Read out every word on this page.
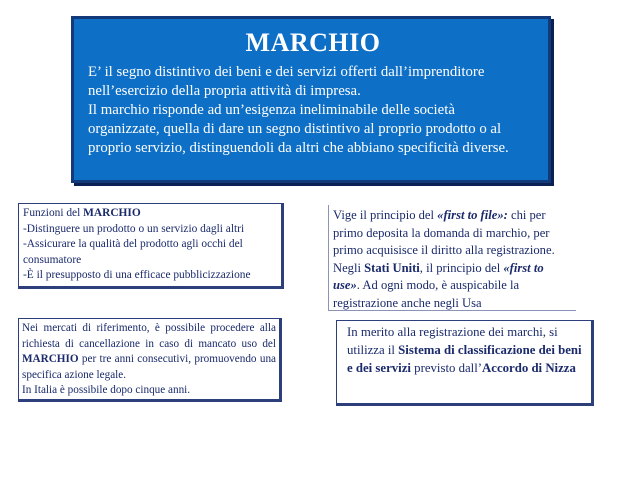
MARCHIO
E’ il segno distintivo dei beni e dei servizi offerti dall’imprenditore
nell’esercizio della propria attività di impresa.
Il marchio risponde ad un’esigenza ineliminabile delle società
organizzate, quella di dare un segno distintivo al proprio prodotto o al
proprio servizio, distinguendoli da altri che abbiano specificità diverse.
Funzioni del MARCHIO
-Distinguere un prodotto o un servizio dagli altri
-Assicurare la qualità del prodotto agli occhi del
consumatore
-È il presupposto di una efficace pubblicizzazione
Vige il principio del «first to file»: chi per primo deposita la domanda di marchio, per primo acquisisce il diritto alla registrazione. Negli Stati Uniti, il principio del «first to use». Ad ogni modo, è auspicabile la registrazione anche negli Usa
Nei mercati di riferimento, è possibile procedere alla richiesta di cancellazione in caso di mancato uso del MARCHIO per tre anni consecutivi, promuovendo una specifica azione legale.
In Italia è possibile dopo cinque anni.
In merito alla registrazione dei marchi, si utilizza il Sistema di classificazione dei beni e dei servizi previsto dall’Accordo di Nizza
